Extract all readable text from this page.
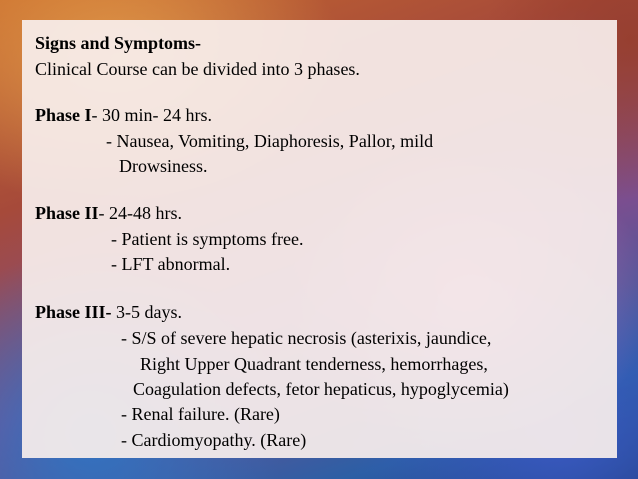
Signs and Symptoms-
Clinical Course can be divided into 3 phases.
Phase I- 30 min- 24 hrs.
- Nausea, Vomiting, Diaphoresis, Pallor, mild
Drowsiness.
Phase II- 24-48 hrs.
- Patient is symptoms free.
- LFT abnormal.
Phase III- 3-5 days.
- S/S of severe hepatic necrosis (asterixis, jaundice,
Right Upper Quadrant tenderness, hemorrhages,
Coagulation defects, fetor hepaticus, hypoglycemia)
- Renal failure. (Rare)
- Cardiomyopathy. (Rare)
